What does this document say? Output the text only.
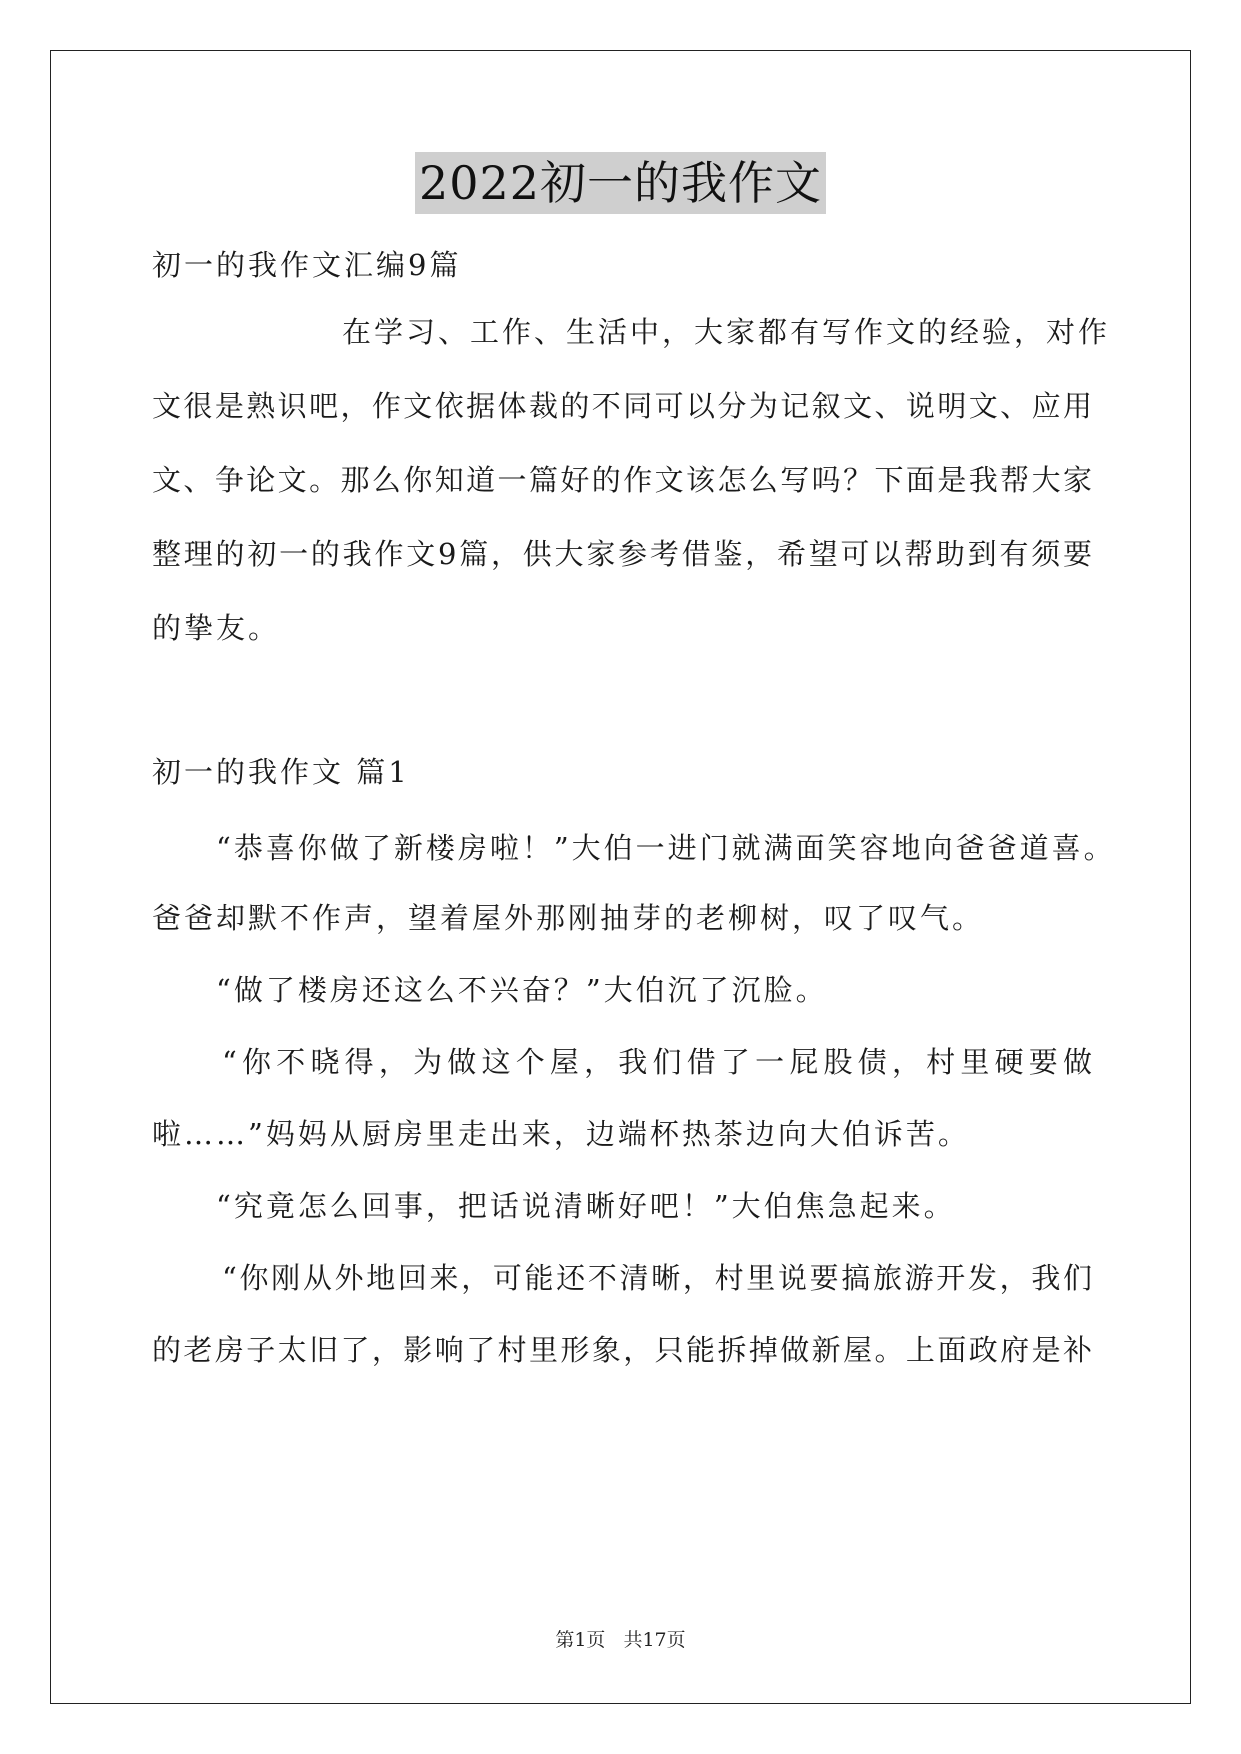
2022初一的我作文
初一的我作文汇编9篇
在学习、工作、生活中，大家都有写作文的经验，对作
文很是熟识吧，作文依据体裁的不同可以分为记叙文、说明文、应用
文、争论文。那么你知道一篇好的作文该怎么写吗？下面是我帮大家
整理的初一的我作文9篇，供大家参考借鉴，希望可以帮助到有须要
的挚友。
初一的我作文 篇1
“恭喜你做了新楼房啦！”大伯一进门就满面笑容地向爸爸道喜。
爸爸却默不作声，望着屋外那刚抽芽的老柳树，叹了叹气。
“做了楼房还这么不兴奋？”大伯沉了沉脸。
“你不晓得，为做这个屋，我们借了一屁股债，村里硬要做
啦……”妈妈从厨房里走出来，边端杯热茶边向大伯诉苦。
“究竟怎么回事，把话说清晰好吧！”大伯焦急起来。
“你刚从外地回来，可能还不清晰，村里说要搞旅游开发，我们
的老房子太旧了，影响了村里形象，只能拆掉做新屋。上面政府是补
第1页 共17页
